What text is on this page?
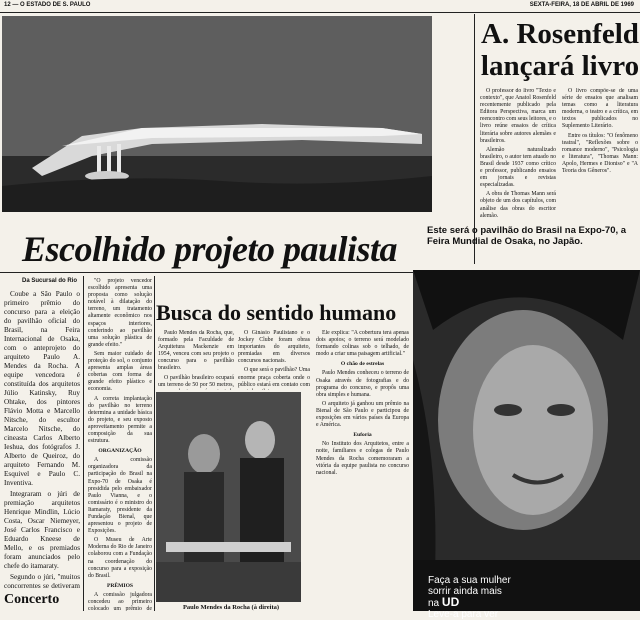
12 — O ESTADO DE S. PAULO	SEXTA-FEIRA, 18 DE ABRIL DE 1969
A. Rosenfeld
lançará livro

O professor do livro "Texto e contexto", que Anatol Rosenfeld recentemente publicado pela Editora Perspectiva, marca um reencontro com seus leitores, e o livro reúne ensaios de crítica literária sobre autores alemães e brasileiros.

Alemão naturalizado brasileiro, o autor tem atuado no Brasil desde 1937 como crítico e professor, publicando ensaios em jornais e revistas especializadas.

A obra de Thomas Mann será objeto de um dos capítulos, com análise das obras do escritor alemão.

O livro compõe-se de uma série de ensaios que analisam temas como a literatura moderna, o teatro e a crítica, em textos publicados no Suplemento Literário.

Entre os títulos: "O fenômeno teatral", "Reflexões sobre o romance moderno", "Psicologia e literatura", "Thomas Mann: Apolo, Hermes e Dioniso" e "A Teoria dos Gêneros".

Escolhido projeto paulista	Este será o pavilhão do Brasil na Expo-70, a Feira Mundial de Osaka, no Japão.
Da Sucursal do Rio

Coube a São Paulo o primeiro prêmio do concurso para a eleição do pavilhão oficial do Brasil, na Feira Internacional de Osaka, com o anteprojeto do arquiteto Paulo A. Mendes da Rocha. A equipe vencedora é constituída dos arquitetos Júlio Katinsky, Ruy Ohtake, dos pintores Flávio Motta e Marcello Nitsche, do escultor Marcelo Nitsche, do cineasta Carlos Alberto Ieshua, dos fotógrafos J. Alberto de Queiroz, do arquiteto Fernando M. Esquivel e Paulo C. Inventiva.

Integraram o júri de premiação arquitetos Henrique Mindlin, Lúcio Costa, Oscar Niemeyer, José Carlos Francisco e Eduardo Kneese de Mello, e os premiados foram anunciados pelo chefe do itamaraty.

Segundo o júri, "muitos concorrentes se detiveram

Concerto

"O projeto vencedor escolhido apresenta uma proposta como solução notável à dilatação do terreno, um tratamento altamente econômico nos espaços interiores, conferindo ao pavilhão uma solução plástica de grande efeito."

Sem maior cuidado de proteção do sol, o conjunto apresenta amplas áreas cobertas com forma de grande efeito plástico e economia.

A correta implantação do pavilhão no terreno determina a unidade básica do projeto, e seu exposto aproveitamento permite a composição da sua estrutura.

ORGANIZAÇÃO

A comissão organizadora da participação do Brasil na Expo-70 de Osaka é presidida pelo embaixador Paulo Vianna, e o comissário é o ministro do Itamaraty, presidente da Fundação Bienal, que apresentou o projeto de Exposições.

O Museu de Arte Moderna do Rio de Janeiro colaborou com a Fundação na coordenação do concurso para a exposição do Brasil.

PRÊMIOS

A comissão julgadora concedeu ao primeiro colocado um prêmio de

Busca do sentido humano

Paulo Mendes da Rocha, que, formado pela Faculdade de Arquitetura Mackenzie em 1954, venceu com seu projeto o concurso para o pavilhão brasileiro.

O pavilhão brasileiro ocupará um terreno de 50 por 50 metros,

O Ginásio Paulistano e o Jockey Clube foram obras importantes do arquiteto, premiadas em diversos concursos nacionais.

O que será o pavilhão? Uma enorme praça coberta onde o público estará em contato com

Paulo Mendes da Rocha (à direita)

Ele explica: "A cobertura terá apenas dois apoios; o terreno será modelado formando colinas sob o telhado, de modo a criar uma paisagem artificial."

O chão de estrelas

Paulo Mendes conheceu o terreno de Osaka através de fotografias e do programa do concurso, e propôs uma obra simples e humana.

O arquiteto já ganhou um prêmio na Bienal de São Paulo e participou de exposições em vários países da Europa e América.

Euforia

No Instituto dos Arquitetos, entre a noite, familiares e colegas de Paulo Mendes da Rocha comemoraram a vitória da equipe paulista no concurso nacional.

Faça a sua mulher
sorrir ainda mais
na UD
Leve-a para ver
